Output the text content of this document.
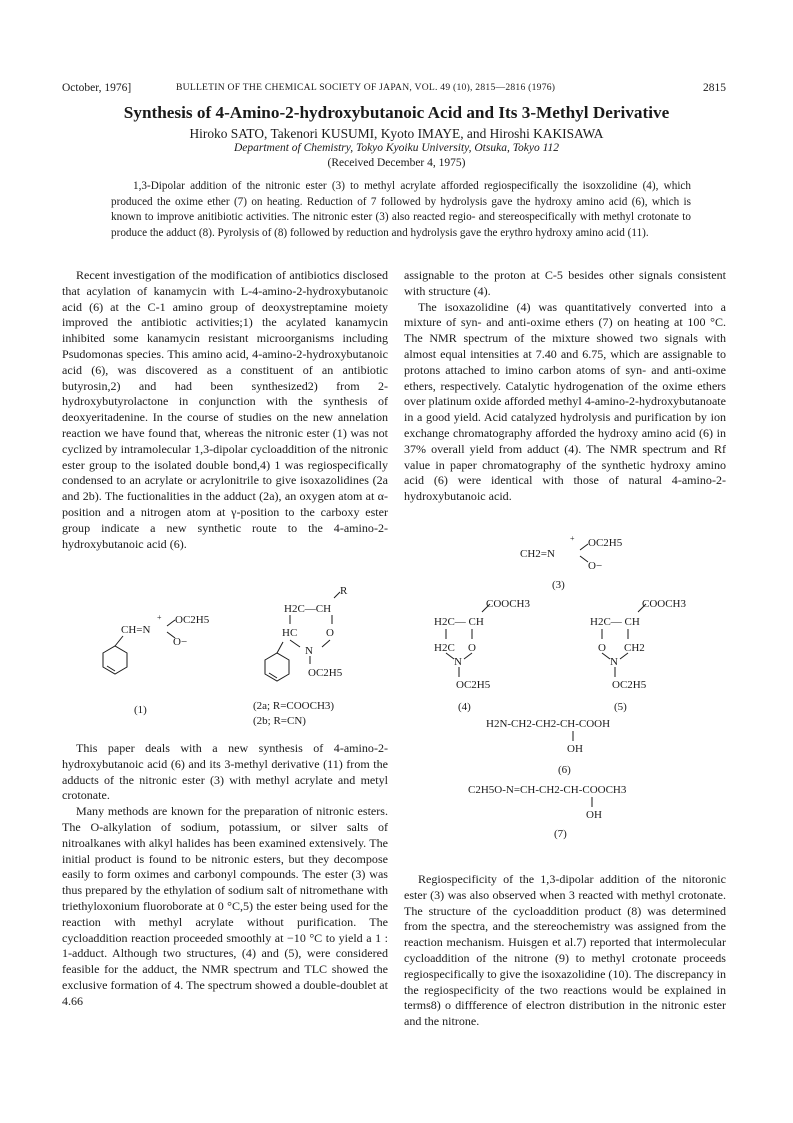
October, 1976]	BULLETIN OF THE CHEMICAL SOCIETY OF JAPAN, VOL. 49 (10), 2815—2816 (1976)	2815
Synthesis of 4-Amino-2-hydroxybutanoic Acid and Its 3-Methyl Derivative
Hiroko SATO, Takenori KUSUMI, Kyoto IMAYE, and Hiroshi KAKISAWA
Department of Chemistry, Tokyo Kyoiku University, Otsuka, Tokyo 112
(Received December 4, 1975)
1,3-Dipolar addition of the nitronic ester (3) to methyl acrylate afforded regiospecifically the isoxzolidine (4), which produced the oxime ether (7) on heating. Reduction of 7 followed by hydrolysis gave the hydroxy amino acid (6), which is known to improve anitibiotic activities. The nitronic ester (3) also reacted regio- and stereospecifically with methyl crotonate to produce the adduct (8). Pyrolysis of (8) followed by reduction and hydrolysis gave the erythro hydroxy amino acid (11).

Recent investigation of the modification of antibiotics disclosed that acylation of kanamycin with L-4-amino-2-hydroxybutanoic acid (6) at the C-1 amino group of deoxystreptamine moiety improved the antibiotic activities;1) the acylated kanamycin inhibited some kanamycin resistant microorganisms including Psudomonas species. This amino acid, 4-amino-2-hydroxybutanoic acid (6), was discovered as a constituent of an antibiotic butyrosin,2) and had been synthesized2) from 2-hydroxybutyrolactone in conjunction with the synthesis of deoxyeritadenine. In the course of studies on the new annelation reaction we have found that, whereas the nitronic ester (1) was not cyclized by intramolecular 1,3-dipolar cycloaddition of the nitronic ester group to the isolated double bond,4) 1 was regiospecifically condensed to an acrylate or acrylonitrile to give isoxazolidines (2a and 2b). The fuctionalities in the adduct (2a), an oxygen atom at α-position and a nitrogen atom at γ-position to the carboxy ester group indicate a new synthetic route to the 4-amino-2-hydroxybutanoic acid (6).

This paper deals with a new synthesis of 4-amino-2-hydroxybutanoic acid (6) and its 3-methyl derivative (11) from the adducts of the nitronic ester (3) with methyl acrylate and metyl crotonate.

Many methods are known for the preparation of nitronic esters. The O-alkylation of sodium, potassium, or silver salts of nitroalkanes with alkyl halides has been examined extensively. The initial product is found to be nitronic esters, but they decompose easily to form oximes and carbonyl compounds. The ester (3) was thus prepared by the ethylation of sodium salt of nitromethane with triethyloxonium fluoroborate at 0 °C,5) the ester being used for the reaction with methyl acrylate without purification. The cycloaddition reaction proceeded smoothly at −10 °C to yield a 1 : 1-adduct. Although two structures, (4) and (5), were considered feasible for the adduct, the NMR spectrum and TLC showed the exclusive formation of 4. The spectrum showed a double-doublet at 4.66

assignable to the proton at C-5 besides other signals consistent with structure (4).

The isoxazolidine (4) was quantitatively converted into a mixture of syn- and anti-oxime ethers (7) on heating at 100 °C. The NMR spectrum of the mixture showed two signals with almost equal intensities at 7.40 and 6.75, which are assignable to protons attached to imino carbon atoms of syn- and anti-oxime ethers, respectively. Catalytic hydrogenation of the oxime ethers over platinum oxide afforded methyl 4-amino-2-hydroxybutanoate in a good yield. Acid catalyzed hydrolysis and purification by ion exchange chromatography afforded the hydroxy amino acid (6) in 37% overall yield from adduct (4). The NMR spectrum and Rf value in paper chromatography of the synthetic hydroxy amino acid (6) were identical with those of natural 4-amino-2-hydroxybutanoic acid.

Regiospecificity of the 1,3-dipolar addition of the nitoronic ester (3) was also observed when 3 reacted with methyl crotonate. The structure of the cycloaddition product (8) was determined from the spectra, and the stereochemistry was assigned from the reaction mechanism. Huisgen et al.7) reported that intermolecular cycloaddition of the nitrone (9) to methyl crotonate proceeds regiospecifically to give the isoxazolidine (10). The discrepancy in the regiospecificity of the two reactions would be explained in terms8) o diffference of electron distribution in the nitronic ester and the nitrone.

CH=N
+ OC2H5
O−
(1)
R
H2C—CH
HC	O
N
OC2H5
(2a; R=COOCH3)
(2b; R=CN)
+
CH2=N
OC2H5
O−
(3)
COOCH3
H2C— CH
H2C O
N
OC2H5
(4)
COOCH3
H2C— CH
O CH2
N
OC2H5
(5)
H2N-CH2-CH2-CH-COOH
OH
(6)
C2H5O-N=CH-CH2-CH-COOCH3
OH
(7)
